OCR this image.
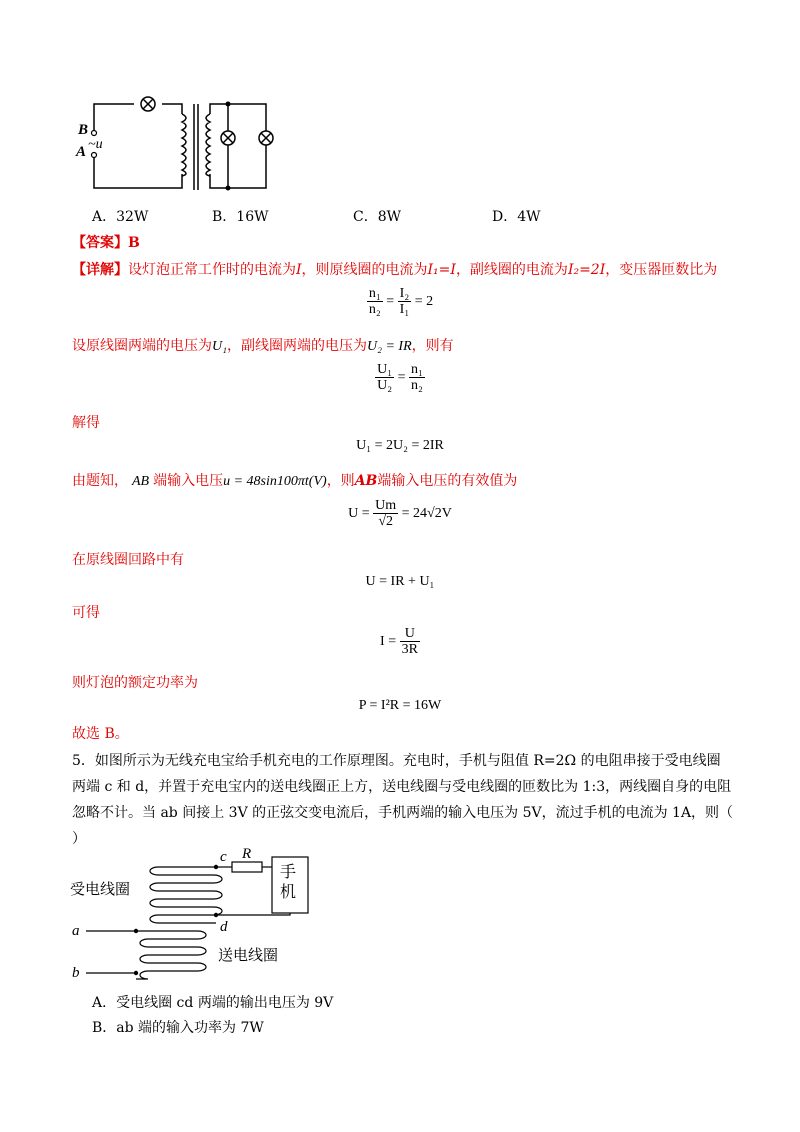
B
A ~u
A．32W	B．16W	C．8W	D．4W
【答案】B
【详解】设灯泡正常工作时的电流为I，则原线圈的电流为I₁=I，副线圈的电流为I₂=2I，变压器匝数比为
$\frac{\text{n₁}}{\text{n₂}} = \frac{\text{I₂}}{\text{I₁}} = 2$
设原线圈两端的电压为U₁，副线圈两端的电压为U₂ = IR，则有
$\frac{\text{U₁}}{\text{U₂}} = \frac{\text{n₁}}{\text{n₂}}$
解得
U₁ = 2U₂ = 2IR
由题知， AB 端输入电压u = 48sin100πt(V)，则AB端输入电压的有效值为
$U = \frac{Um}{√2} = 24√2V$
在原线圈回路中有
U = IR + U₁
可得
$I = \frac{U}{3R}$
则灯泡的额定功率为
P = I²R = 16W
故选 B。
5．如图所示为无线充电宝给手机充电的工作原理图。充电时，手机与阻值 R=2Ω 的电阻串接于受电线圈
两端 c 和 d，并置于充电宝内的送电线圈正上方，送电线圈与受电线圈的匝数比为 1:3，两线圈自身的电阻
忽略不计。当 ab 间接上 3V 的正弦交变电流后，手机两端的输入电压为 5V，流过手机的电流为 1A，则（
）
c R
d
a
b
手机
受电线圈
送电线圈
A．受电线圈 cd 两端的输出电压为 9V
B．ab 端的输入功率为 7W
